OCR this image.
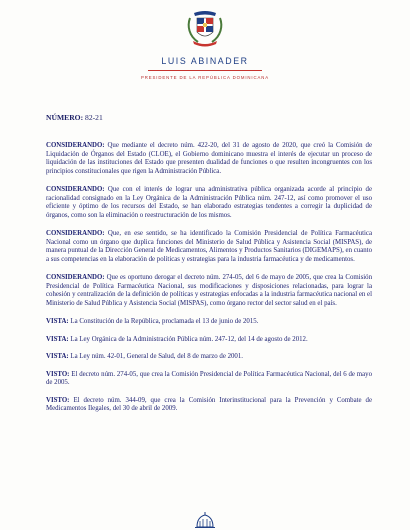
LUIS ABINADER
PRESIDENTE DE LA REPÚBLICA DOMINICANA
NÚMERO: 82-21

CONSIDERANDO: Que mediante el decreto núm. 422-20, del 31 de agosto de 2020, que creó la Comisión de Liquidación de Órganos del Estado (CLOE), el Gobierno dominicano muestra el interés de ejecutar un proceso de liquidación de las instituciones del Estado que presenten dualidad de funciones o que resulten incongruentes con los principios constitucionales que rigen la Administración Pública.

CONSIDERANDO: Que con el interés de lograr una administrativa pública organizada acorde al principio de racionalidad consignado en la Ley Orgánica de la Administración Pública núm. 247-12, así como promover el uso eficiente y óptimo de los recursos del Estado, se han elaborado estrategias tendentes a corregir la duplicidad de órganos, como son la eliminación o reestructuración de los mismos.

CONSIDERANDO: Que, en ese sentido, se ha identificado la Comisión Presidencial de Política Farmacéutica Nacional como un órgano que duplica funciones del Ministerio de Salud Pública y Asistencia Social (MISPAS), de manera puntual de la Dirección General de Medicamentos, Alimentos y Productos Sanitarios (DIGEMAPS), en cuanto a sus competencias en la elaboración de políticas y estrategias para la industria farmacéutica y de medicamentos.

CONSIDERANDO: Que es oportuno derogar el decreto núm. 274-05, del 6 de mayo de 2005, que crea la Comisión Presidencial de Política Farmacéutica Nacional, sus modificaciones y disposiciones relacionadas, para lograr la cohesión y centralización de la definición de políticas y estrategias enfocadas a la industria farmacéutica nacional en el Ministerio de Salud Pública y Asistencia Social (MISPAS), como órgano rector del sector salud en el país.

VISTA: La Constitución de la República, proclamada el 13 de junio de 2015.

VISTA: La Ley Orgánica de la Administración Pública núm. 247-12, del 14 de agosto de 2012.

VISTA: La Ley núm. 42-01, General de Salud, del 8 de marzo de 2001.

VISTO: El decreto núm. 274-05, que crea la Comisión Presidencial de Política Farmacéutica Nacional, del 6 de mayo de 2005.

VISTO: El decreto núm. 344-09, que crea la Comisión Interinstitucional para la Prevención y Combate de Medicamentos Ilegales, del 30 de abril de 2009.
